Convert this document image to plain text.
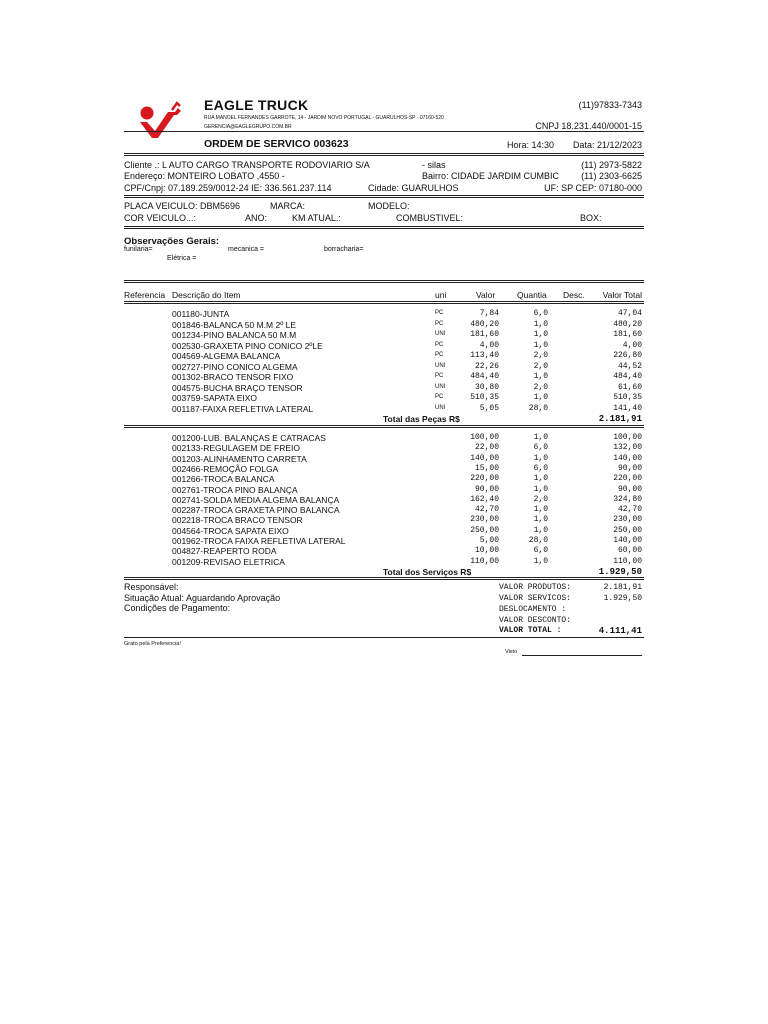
EAGLE TRUCK	(11)97833-7343
RUA MANOEL FERNANDES GARROTE, 14 - JARDIM NOVO PORTUGAL - GUARULHOS-SP - 07160-520
GERENCIA@EAGLEGRUPO.COM.BR	CNPJ 18.231.440/0001-15
ORDEM DE SERVICO 003623	Hora: 14:30 Data: 21/12/2023
Cliente .: L AUTO CARGO TRANSPORTE RODOVIARIO S/A	- silas	(11) 2973-5822
Endereço: MONTEIRO LOBATO ,4550 -	Bairro: CIDADE JARDIM CUMBIC (11) 2303-6625
CPF/Cnpj: 07.189.259/0012-24 IE: 336.561.237.114	Cidade: GUARULHOS	UF: SP CEP: 07180-000
PLACA VEICULO: DBM5696	MARCA:	MODELO:
COR VEICULO...:	ANO:	KM ATUAL.:	COMBUSTIVEL:	BOX:
Observações Gerais:
funilaria=	mecanica =	borracharia=
Elétrica =
Referencia Descrição do Item	uni	Valor	Quantia Desc. Valor Total
001180-JUNTA	PC	7,84	6,0	47,04
001846-BALANCA 50 M.M 2º LE	PC	480,20	1,0	480,20
001234-PINO BALANCA 50 M.M	UNI	181,60	1,0	181,60
002530-GRAXETA PINO CONICO 2ºLE	PC	4,00	1,0	4,00
004569-ALGEMA BALANCA	PC	113,40	2,0	226,80
002727-PINO CONICO ALGEMA	UNI	22,26	2,0	44,52
001302-BRACO TENSOR FIXO	PC	484,40	1,0	484,40
004575-BUCHA BRAÇO TENSOR	UNI	30,80	2,0	61,60
003759-SAPATA EIXO	PC	510,35	1,0	510,35
001187-FAIXA REFLETIVA LATERAL	UNI	5,05	28,0	141,40
Total das Peças R$	2.181,91
001200-LUB. BALANÇAS E CATRACAS	100,00	1,0	100,00
002133-REGULAGEM DE FREIO	22,00	6,0	132,00
001203-ALINHAMENTO CARRETA	140,00	1,0	140,00
002466-REMOÇÃO FOLGA	15,00	6,0	90,00
001266-TROCA BALANCA	220,00	1,0	220,00
002761-TROCA PINO BALANÇA	90,00	1,0	90,00
002741-SOLDA MEDIA ALGEMA BALANÇA	162,40	2,0	324,80
002287-TROCA GRAXETA PINO BALANCA	42,70	1,0	42,70
002218-TROCA BRACO TENSOR	230,00	1,0	230,00
004564-TROCA SAPATA EIXO	250,00	1,0	250,00
001962-TROCA FAIXA REFLETIVA LATERAL	5,00	28,0	140,00
004827-REAPERTO RODA	10,00	6,0	60,00
001209-REVISAO ELETRICA	110,00	1,0	110,00
Total dos Serviços R$	1.929,50
Responsável:
Situação Atual: Aguardando Aprovação
Condições de Pagamento:
VALOR PRODUTOS:	2.181,91
VALOR SERVICOS:	1.929,50
DESLOCAMENTO :
VALOR DESCONTO:
VALOR TOTAL :	4.111,41
Grato pela Preferencia!
Visto
